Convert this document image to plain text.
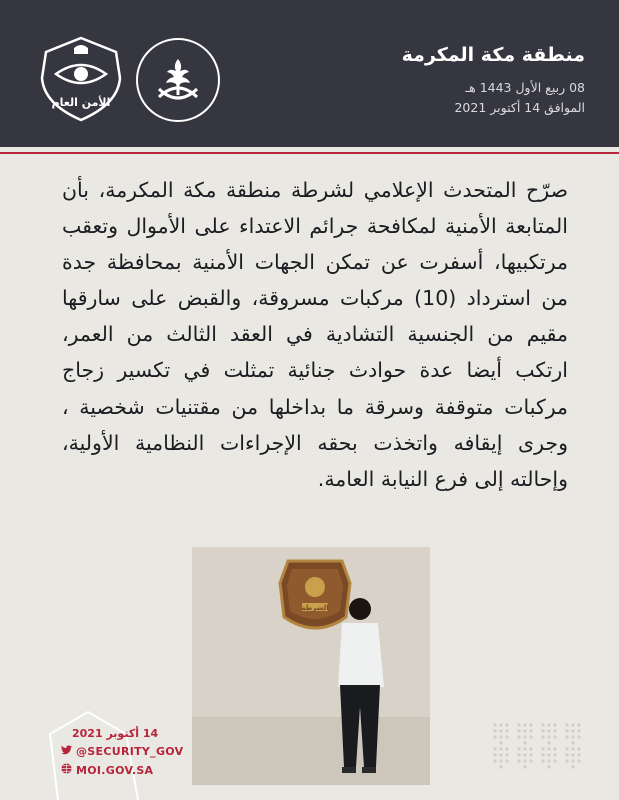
منطقة مكة المكرمة
08 ربيع الأول 1443 هـ
الموافق 14 أكتوبر 2021
الأمن العام
صرّح المتحدث الإعلامي لشرطة منطقة مكة المكرمة، بأن المتابعة الأمنية لمكافحة جرائم الاعتداء على الأموال وتعقب مرتكبيها، أسفرت عن تمكن الجهات الأمنية بمحافظة جدة من استرداد (10) مركبات مسروقة، والقبض على سارقها مقيم من الجنسية التشادية في العقد الثالث من العمر، ارتكب أيضا عدة حوادث جنائية تمثلت في تكسير زجاج مركبات متوقفة وسرقة ما بداخلها من مقتنيات شخصية ، وجرى إيقافه واتخذت بحقه الإجراءات النظامية الأولية، وإحالته إلى فرع النيابة العامة.
الشرطة
14 أكتوبر 2021
@SECURITY_GOV
MOI.GOV.SA
